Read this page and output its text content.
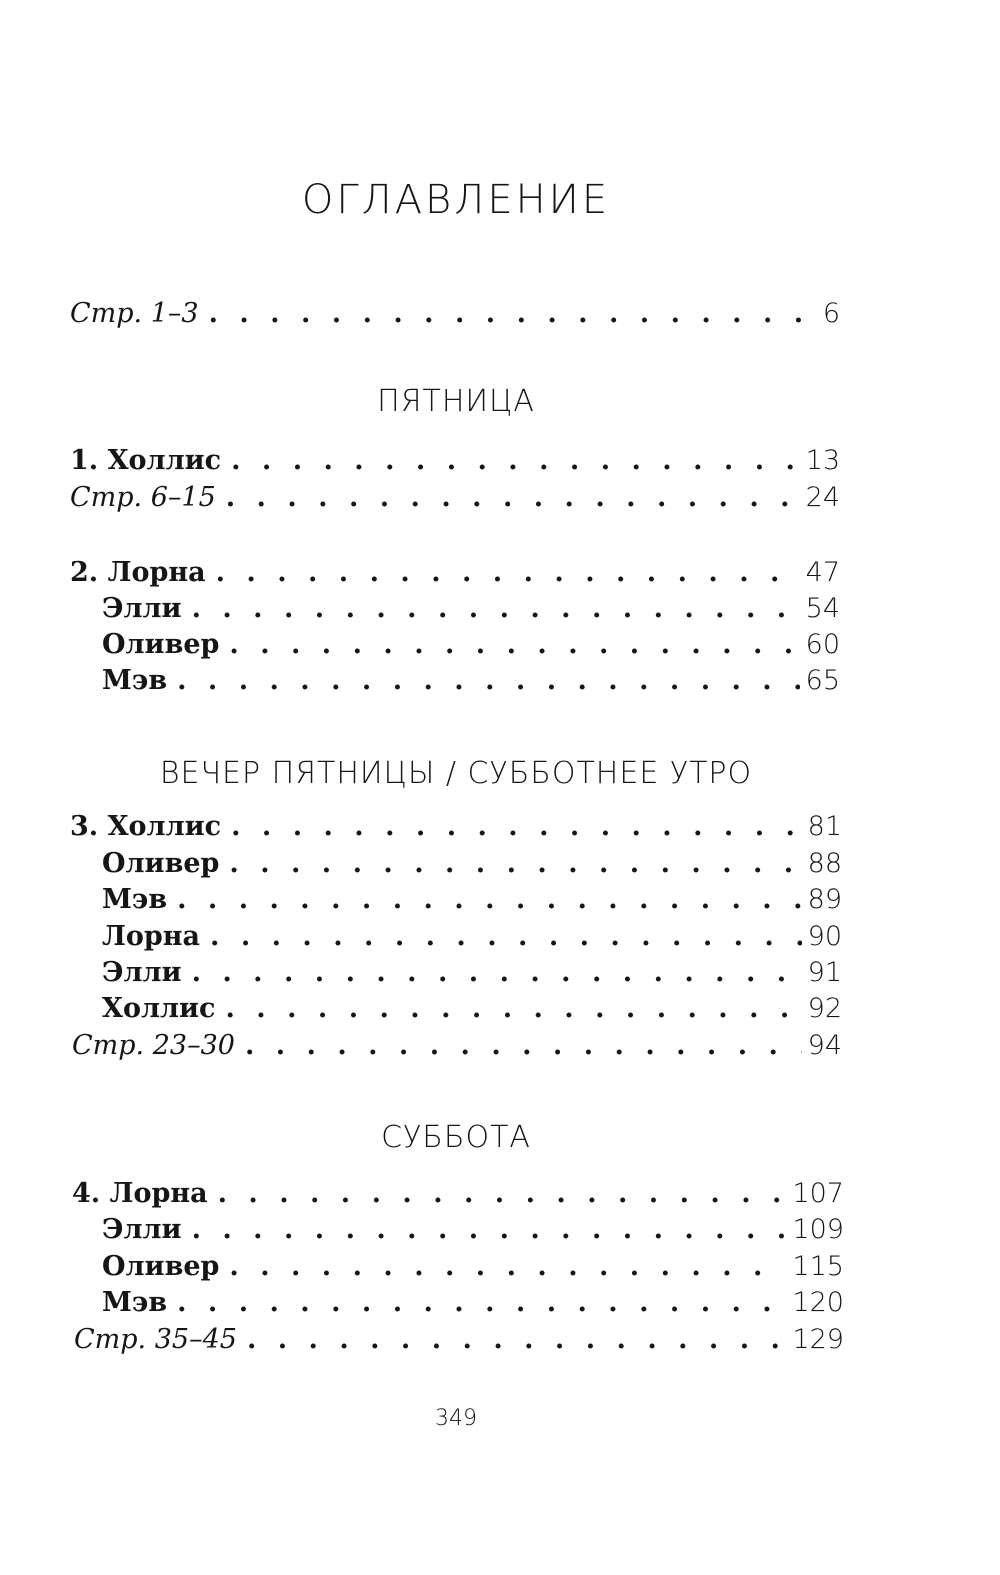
ОГЛАВЛЕНИЕ
Стр. 1–3 . . .	6
ПЯТНИЦА
1. Холлис . . .	13
Стр. 6–15 . . .	24
2. Лорна . . .	47
Элли . . .	54
Оливер . . .	60
Мэв . . .	65
ВЕЧЕР ПЯТНИЦЫ / СУББОТНЕЕ УТРО
3. Холлис . . .	81
Оливер . . .	88
Мэв . . .	89
Лорна . . .	90
Элли . . .	91
Холлис . . .	92
Стр. 23–30 . . .	94
СУББОТА
4. Лорна . . .	107
Элли . . .	109
Оливер . . .	115
Мэв . . .	120
Стр. 35–45 . . .	129
349
